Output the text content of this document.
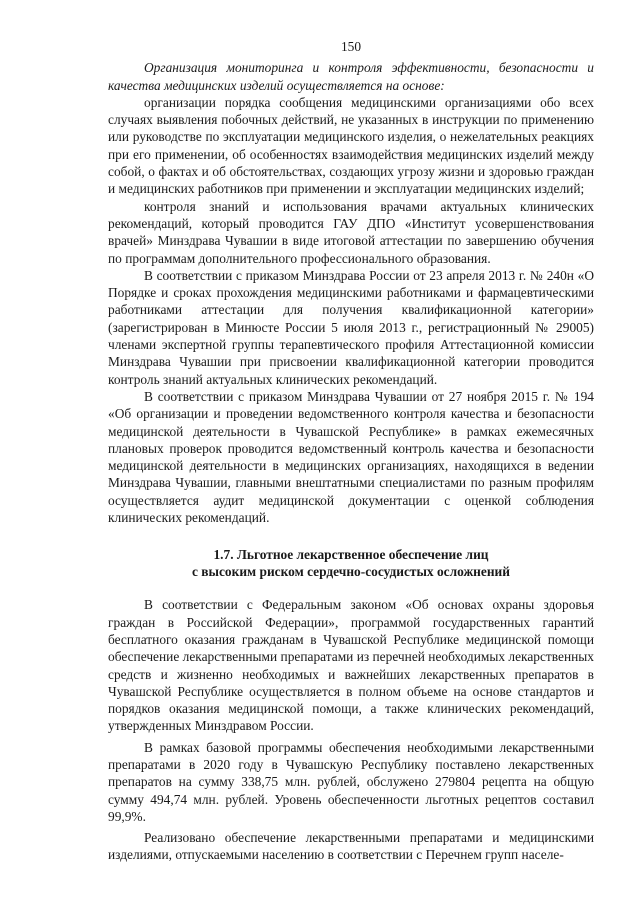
150

Организация мониторинга и контроля эффективности, безопасности и качества медицинских изделий осуществляется на основе:

организации порядка сообщения медицинскими организациями обо всех случаях выявления побочных действий, не указанных в инструкции по применению или руководстве по эксплуатации медицинского изделия, о нежелательных реакциях при его применении, об особенностях взаимодействия медицинских изделий между собой, о фактах и об обстоятельствах, создающих угрозу жизни и здоровью граждан и медицинских работников при применении и эксплуатации медицинских изделий;

контроля знаний и использования врачами актуальных клинических рекомендаций, который проводится ГАУ ДПО «Институт усовершенствования врачей» Минздрава Чувашии в виде итоговой аттестации по завершению обучения по программам дополнительного профессионального образования.

В соответствии с приказом Минздрава России от 23 апреля 2013 г. № 240н «О Порядке и сроках прохождения медицинскими работниками и фармацевтическими работниками аттестации для получения квалификационной категории» (зарегистрирован в Минюсте России 5 июля 2013 г., регистрационный № 29005) членами экспертной группы терапевтического профиля Аттестационной комиссии Минздрава Чувашии при присвоении квалификационной категории проводится контроль знаний актуальных клинических рекомендаций.

В соответствии с приказом Минздрава Чувашии от 27 ноября 2015 г. № 194 «Об организации и проведении ведомственного контроля качества и безопасности медицинской деятельности в Чувашской Республике» в рамках ежемесячных плановых проверок проводится ведомственный контроль качества и безопасности медицинской деятельности в медицинских организациях, находящихся в ведении Минздрава Чувашии, главными внештатными специалистами по разным профилям осуществляется аудит медицинской документации с оценкой соблюдения клинических рекомендаций.

1.7. Льготное лекарственное обеспечение лиц
с высоким риском сердечно-сосудистых осложнений

В соответствии с Федеральным законом «Об основах охраны здоровья граждан в Российской Федерации», программой государственных гарантий бесплатного оказания гражданам в Чувашской Республике медицинской помощи обеспечение лекарственными препаратами из перечней необходимых лекарственных средств и жизненно необходимых и важнейших лекарственных препаратов в Чувашской Республике осуществляется в полном объеме на основе стандартов и порядков оказания медицинской помощи, а также клинических рекомендаций, утвержденных Минздравом России.

В рамках базовой программы обеспечения необходимыми лекарственными препаратами в 2020 году в Чувашскую Республику поставлено лекарственных препаратов на сумму 338,75 млн. рублей, обслужено 279804 рецепта на общую сумму 494,74 млн. рублей. Уровень обеспеченности льготных рецептов составил 99,9%.

Реализовано обеспечение лекарственными препаратами и медицинскими изделиями, отпускаемыми населению в соответствии с Перечнем групп населе-
